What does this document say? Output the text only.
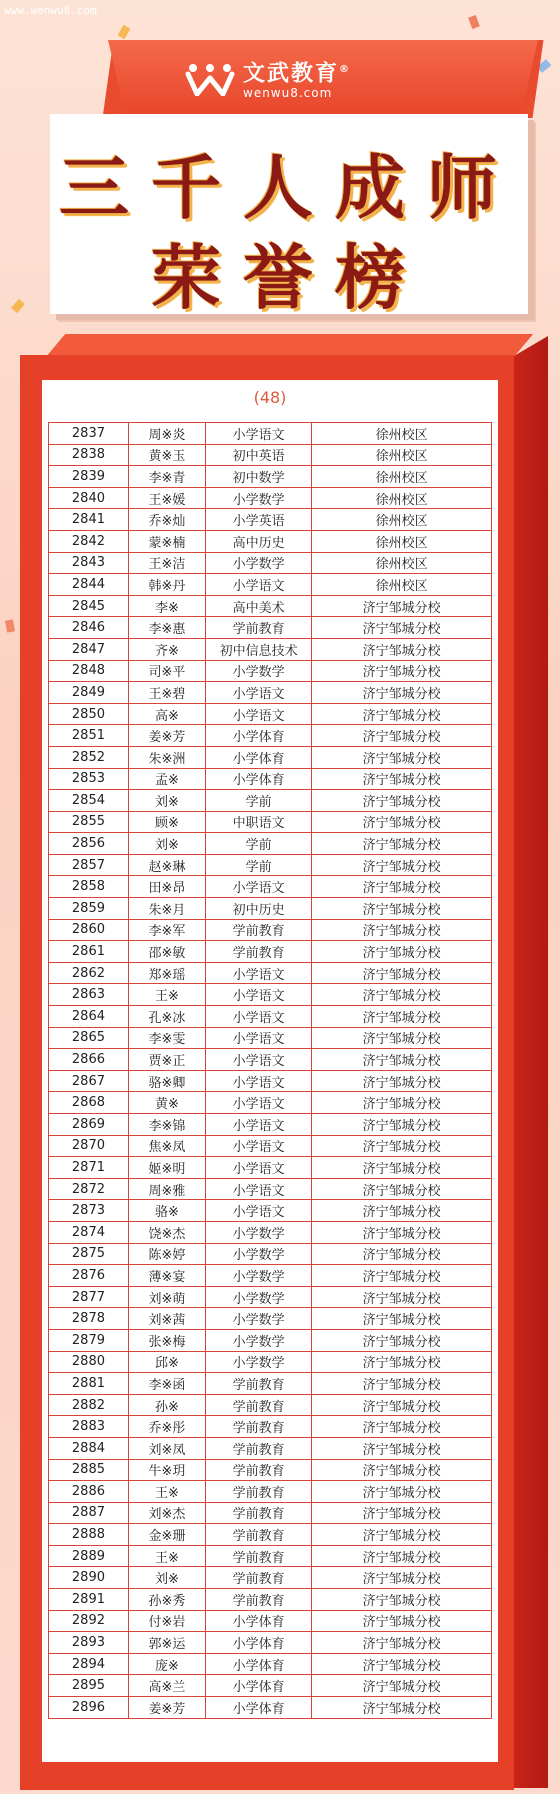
www.wenwu8.com
文武教育®
wenwu8.com
三千人成师
荣誉榜
(48)
2837	周※炎	小学语文	徐州校区
2838	黄※玉	初中英语	徐州校区
2839	李※青	初中数学	徐州校区
2840	王※媛	小学数学	徐州校区
2841	乔※灿	小学英语	徐州校区
2842	蒙※楠	高中历史	徐州校区
2843	王※洁	小学数学	徐州校区
2844	韩※丹	小学语文	徐州校区
2845	李※	高中美术	济宁邹城分校
2846	李※惠	学前教育	济宁邹城分校
2847	齐※	初中信息技术	济宁邹城分校
2848	司※平	小学数学	济宁邹城分校
2849	王※碧	小学语文	济宁邹城分校
2850	高※	小学语文	济宁邹城分校
2851	姜※芳	小学体育	济宁邹城分校
2852	朱※洲	小学体育	济宁邹城分校
2853	孟※	小学体育	济宁邹城分校
2854	刘※	学前	济宁邹城分校
2855	顾※	中职语文	济宁邹城分校
2856	刘※	学前	济宁邹城分校
2857	赵※琳	学前	济宁邹城分校
2858	田※昂	小学语文	济宁邹城分校
2859	朱※月	初中历史	济宁邹城分校
2860	李※军	学前教育	济宁邹城分校
2861	邵※敏	学前教育	济宁邹城分校
2862	郑※瑶	小学语文	济宁邹城分校
2863	王※	小学语文	济宁邹城分校
2864	孔※冰	小学语文	济宁邹城分校
2865	李※雯	小学语文	济宁邹城分校
2866	贾※正	小学语文	济宁邹城分校
2867	骆※卿	小学语文	济宁邹城分校
2868	黄※	小学语文	济宁邹城分校
2869	李※锦	小学语文	济宁邹城分校
2870	焦※凤	小学语文	济宁邹城分校
2871	姬※明	小学语文	济宁邹城分校
2872	周※雅	小学语文	济宁邹城分校
2873	骆※	小学语文	济宁邹城分校
2874	饶※杰	小学数学	济宁邹城分校
2875	陈※婷	小学数学	济宁邹城分校
2876	薄※宴	小学数学	济宁邹城分校
2877	刘※萌	小学数学	济宁邹城分校
2878	刘※茜	小学数学	济宁邹城分校
2879	张※梅	小学数学	济宁邹城分校
2880	邱※	小学数学	济宁邹城分校
2881	李※函	学前教育	济宁邹城分校
2882	孙※	学前教育	济宁邹城分校
2883	乔※彤	学前教育	济宁邹城分校
2884	刘※凤	学前教育	济宁邹城分校
2885	牛※玥	学前教育	济宁邹城分校
2886	王※	学前教育	济宁邹城分校
2887	刘※杰	学前教育	济宁邹城分校
2888	金※珊	学前教育	济宁邹城分校
2889	王※	学前教育	济宁邹城分校
2890	刘※	学前教育	济宁邹城分校
2891	孙※秀	学前教育	济宁邹城分校
2892	付※岩	小学体育	济宁邹城分校
2893	郭※运	小学体育	济宁邹城分校
2894	庞※	小学体育	济宁邹城分校
2895	高※兰	小学体育	济宁邹城分校
2896	姜※芳	小学体育	济宁邹城分校
